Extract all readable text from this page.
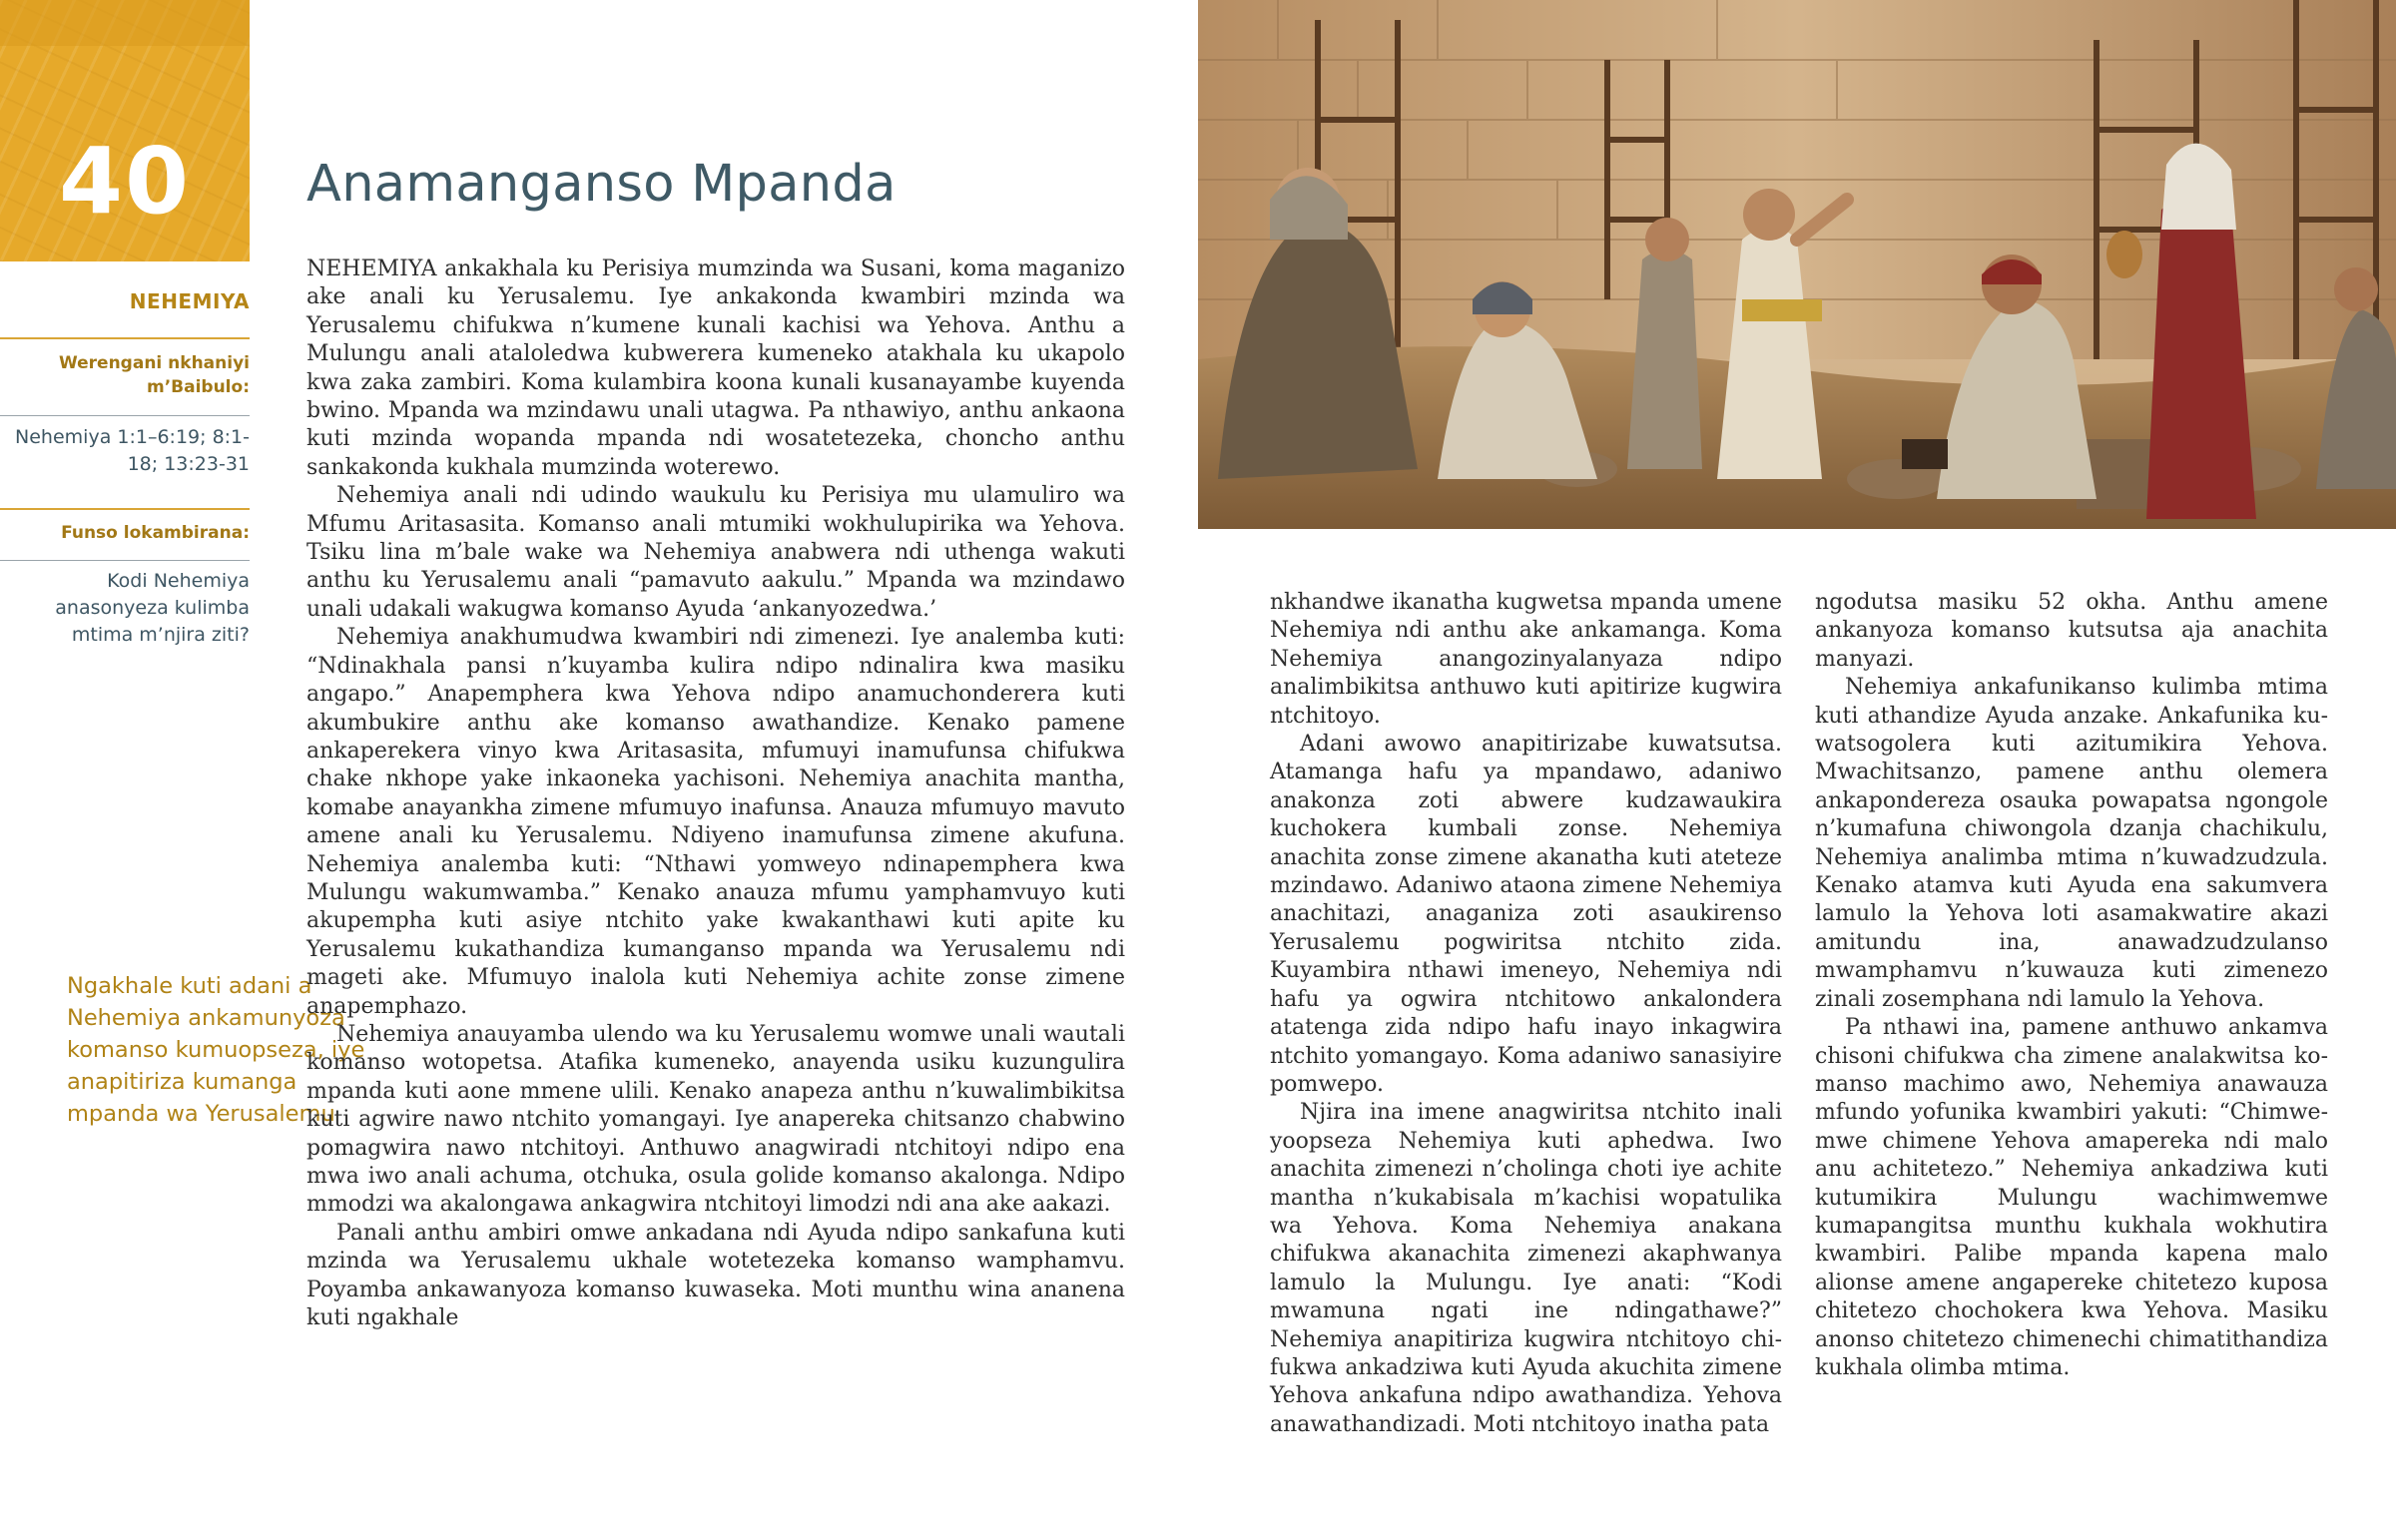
40
NEHEMIYA
Werengani nkhaniyi m’Baibulo:
Nehemiya 1:1–6:19; 8:1-18; 13:23-31
Funso lokambirana:
Kodi Nehemiya anasonyeza kulimba mtima m’njira ziti?
Ngakhale kuti adani a Nehemiya ankamunyoza komanso kumuopseza, iye anapitiriza kumanga mpanda wa Yerusalemu
Anamanganso Mpanda

NEHEMIYA ankakhala ku Perisiya mumzinda wa Susani, koma maganizo ake anali ku Yerusalemu. Iye ankakonda kwambiri mzinda wa Yerusalemu chifukwa n’kumene kunali kachisi wa Yehova. Anthu a Mulungu anali ataloledwa kubwerera kumeneko atakhala ku ukapolo kwa zaka zambiri. Koma kulambira koona kunali kusanayambe kuyenda bwino. Mpanda wa mzindawu unali utagwa. Pa nthawiyo, anthu ankaona kuti mzinda wopanda mpanda ndi wosatetezeka, choncho anthu sankakonda kukhala mumzinda woterewo.

Nehemiya anali ndi udindo waukulu ku Perisiya mu ulamuliro wa Mfumu Aritasasita. Komanso anali mtumiki wokhulupirika wa Yehova. Tsiku lina m’bale wake wa Nehemiya anabwera ndi uthenga wakuti anthu ku Yerusalemu anali “pamavuto aakulu.” Mpanda wa mzindawo unali udakali wakugwa komanso Ayuda ‘ankanyozedwa.’

Nehemiya anakhumudwa kwambiri ndi zimenezi. Iye analemba kuti: “Ndinakhala pansi n’kuyamba kulira ndipo ndinalira kwa masiku angapo.” Anapemphera kwa Yehova ndipo anamuchonderera kuti akumbukire anthu ake komanso awathandize. Kenako pamene ankaperekera vinyo kwa Aritasasita, mfumuyi inamufunsa chifukwa chake nkhope yake inkaoneka yachisoni. Nehemiya anachita mantha, komabe anayankha zimene mfumuyo inafunsa. Anauza mfumuyo mavuto amene anali ku Yerusalemu. Ndiyeno inamufunsa zimene akufuna. Nehemiya analemba kuti: “Nthawi yomweyo ndinapemphera kwa Mulungu wakumwamba.” Kenako anauza mfumu yamphamvuyo kuti akupempha kuti asiye ntchito yake kwakanthawi kuti apite ku Yerusalemu kukathandiza kumanganso mpanda wa Yerusalemu ndi mageti ake. Mfumuyo inalola kuti Nehemiya achite zonse zimene anapemphazo.

Nehemiya anauyamba ulendo wa ku Yerusalemu womwe unali wautali komanso wotopetsa. Atafika kumeneko, anayenda usiku kuzungulira mpanda kuti aone mmene ulili. Kenako anapeza anthu n’kuwalimbikitsa kuti agwire nawo ntchito yomangayi. Iye anapereka chitsanzo chabwino pomagwira nawo ntchitoyi. Anthuwo anagwiradi ntchitoyi ndipo ena mwa iwo anali achuma, otchuka, osula golide komanso akalonga. Ndipo mmodzi wa akalongawa ankagwira ntchitoyi limodzi ndi ana ake aakazi.

Panali anthu ambiri omwe ankadana ndi Ayuda ndipo sankafuna kuti mzinda wa Yerusalemu ukhale wotetezeka komanso wamphamvu. Poyamba ankawanyoza komanso kuwaseka. Moti munthu wina ananena kuti ngakhale

nkhandwe ikanatha kugwetsa mpanda umene Nehemiya ndi anthu ake ankamanga. Koma Nehemiya anangozinyalanyaza ndipo analimbikitsa anthuwo kuti apitirize kugwira ntchitoyo.

Adani awowo anapitirizabe kuwatsutsa. Atamanga hafu ya mpandawo, adaniwo anakonza zoti abwere kudzawaukira kuchokera kumbali zonse. Nehemiya anachita zonse zimene akanatha kuti ateteze mzindawo. Adaniwo ataona zimene Nehemiya anachitazi, anaganiza zoti asaukirenso Yerusalemu pogwiritsa ntchito zida. Kuyambira nthawi imeneyo, Nehemiya ndi hafu ya ogwira ntchitowo ankalondera atatenga zida ndipo hafu inayo inkagwira ntchito yomangayo. Koma adaniwo sanasiyire pomwepo.

Njira ina imene anagwiritsa ntchito inali yoopseza Nehemiya kuti aphedwa. Iwo anachita zimenezi n’cholinga choti iye achite mantha n’kukabisala m’kachisi wopatulika wa Yehova. Koma Nehemiya anakana chifukwa akanachita zimenezi akaphwanya lamulo la Mulungu. Iye anati: “Kodi mwamuna ngati ine ndingathawe?” Nehemiya anapitiriza kugwira ntchitoyo chifukwa ankadziwa kuti Ayuda akuchita zimene Yehova ankafuna ndipo awathandiza. Yehova anawathandizadi. Moti ntchitoyo inatha pata

ngodutsa masiku 52 okha. Anthu amene ankanyoza komanso kutsutsa aja anachita manyazi.

Nehemiya ankafunikanso kulimba mtima kuti athandize Ayuda anzake. Ankafunika kuwatsogolera kuti azitumikira Yehova. Mwachitsanzo, pamene anthu olemera ankapondereza osauka powapatsa ngongole n’kumafuna chiwongola dzanja chachikulu, Nehemiya analimba mtima n’kuwadzudzula. Kenako atamva kuti Ayuda ena sakumvera lamulo la Yehova loti asamakwatire akazi amitundu ina, anawadzudzulanso mwamphamvu n’kuwauza kuti zimenezo zinali zosemphana ndi lamulo la Yehova.

Pa nthawi ina, pamene anthuwo ankamva chisoni chifukwa cha zimene analakwitsa komanso machimo awo, Nehemiya anawauza mfundo yofunika kwambiri yakuti: “Chimwemwe chimene Yehova amapereka ndi malo anu achitetezo.” Nehemiya ankadziwa kuti kutumikira Mulungu wachimwemwe kumapangitsa munthu kukhala wokhutira kwambiri. Palibe mpanda kapena malo alionse amene angapereke chitetezo kuposa chitetezo chochokera kwa Yehova. Masiku anonso chitetezo chimenechi chimatithandiza kukhala olimba mtima.
